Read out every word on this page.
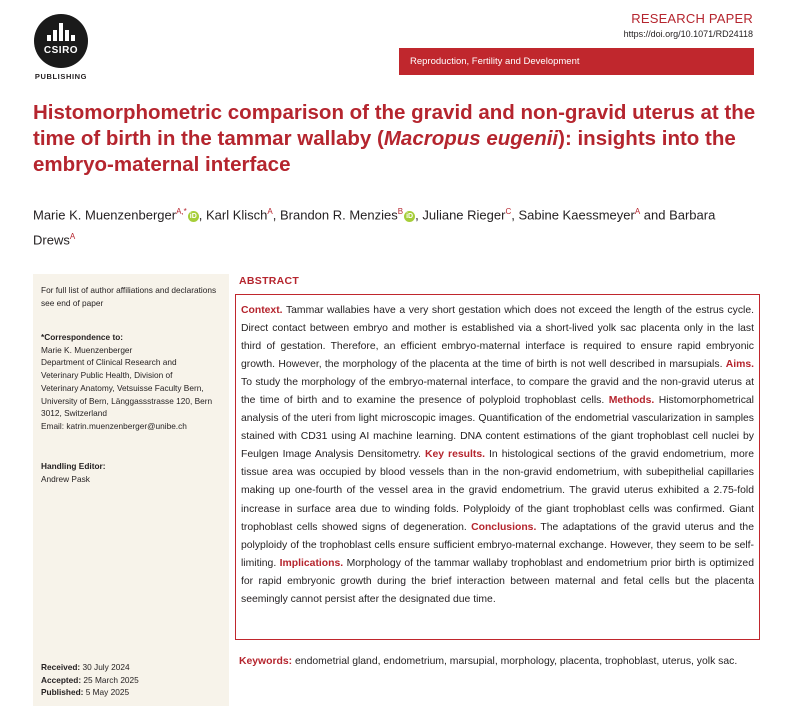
CSIRO
PUBLISHING
RESEARCH PAPER
https://doi.org/10.1071/RD24118
Reproduction, Fertility and Development
Histomorphometric comparison of the gravid and non-gravid uterus at the time of birth in the tammar wallaby (Macropus eugenii): insights into the embryo-maternal interface
Marie K. Muenzenberger$^{A,*}$iD , Karl Klisch$^A$, Brandon R. Menzies$^B$iD , Juliane Rieger$^C$, Sabine Kaessmeyer$^A$ and Barbara Drews$^A$
For full list of author affiliations and declarations see end of paper
*Correspondence to:
Marie K. Muenzenberger
Department of Clinical Research and
Veterinary Public Health, Division of
Veterinary Anatomy, Vetsuisse Faculty Bern,
University of Bern, Länggassstrasse 120, Bern
3012, Switzerland
Email: katrin.muenzenberger@unibe.ch
Handling Editor:
Andrew Pask
Received: 30 July 2024
Accepted: 25 March 2025
Published: 5 May 2025
ABSTRACT

Context. Tammar wallabies have a very short gestation which does not exceed the length of the estrus cycle. Direct contact between embryo and mother is established via a short-lived yolk sac placenta only in the last third of gestation. Therefore, an efficient embryo-maternal interface is required to ensure rapid embryonic growth. However, the morphology of the placenta at the time of birth is not well described in marsupials. Aims. To study the morphology of the embryo-maternal interface, to compare the gravid and the non-gravid uterus at the time of birth and to examine the presence of polyploid trophoblast cells. Methods. Histomorphometrical analysis of the uteri from light microscopic images. Quantification of the endometrial vascularization in samples stained with CD31 using AI machine learning. DNA content estimations of the giant trophoblast cell nuclei by Feulgen Image Analysis Densitometry. Key results. In histological sections of the gravid endometrium, more tissue area was occupied by blood vessels than in the non-gravid endometrium, with subepithelial capillaries making up one-fourth of the vessel area in the gravid endometrium. The gravid uterus exhibited a 2.75-fold increase in surface area due to winding folds. Polyploidy of the giant trophoblast cells was confirmed. Giant trophoblast cells showed signs of degeneration. Conclusions. The adaptations of the gravid uterus and the polyploidy of the trophoblast cells ensure sufficient embryo-maternal exchange. However, they seem to be self-limiting. Implications. Morphology of the tammar wallaby trophoblast and endometrium prior birth is optimized for rapid embryonic growth during the brief interaction between maternal and fetal cells but the placenta seemingly cannot persist after the designated due time.

Keywords: endometrial gland, endometrium, marsupial, morphology, placenta, trophoblast, uterus, yolk sac.
